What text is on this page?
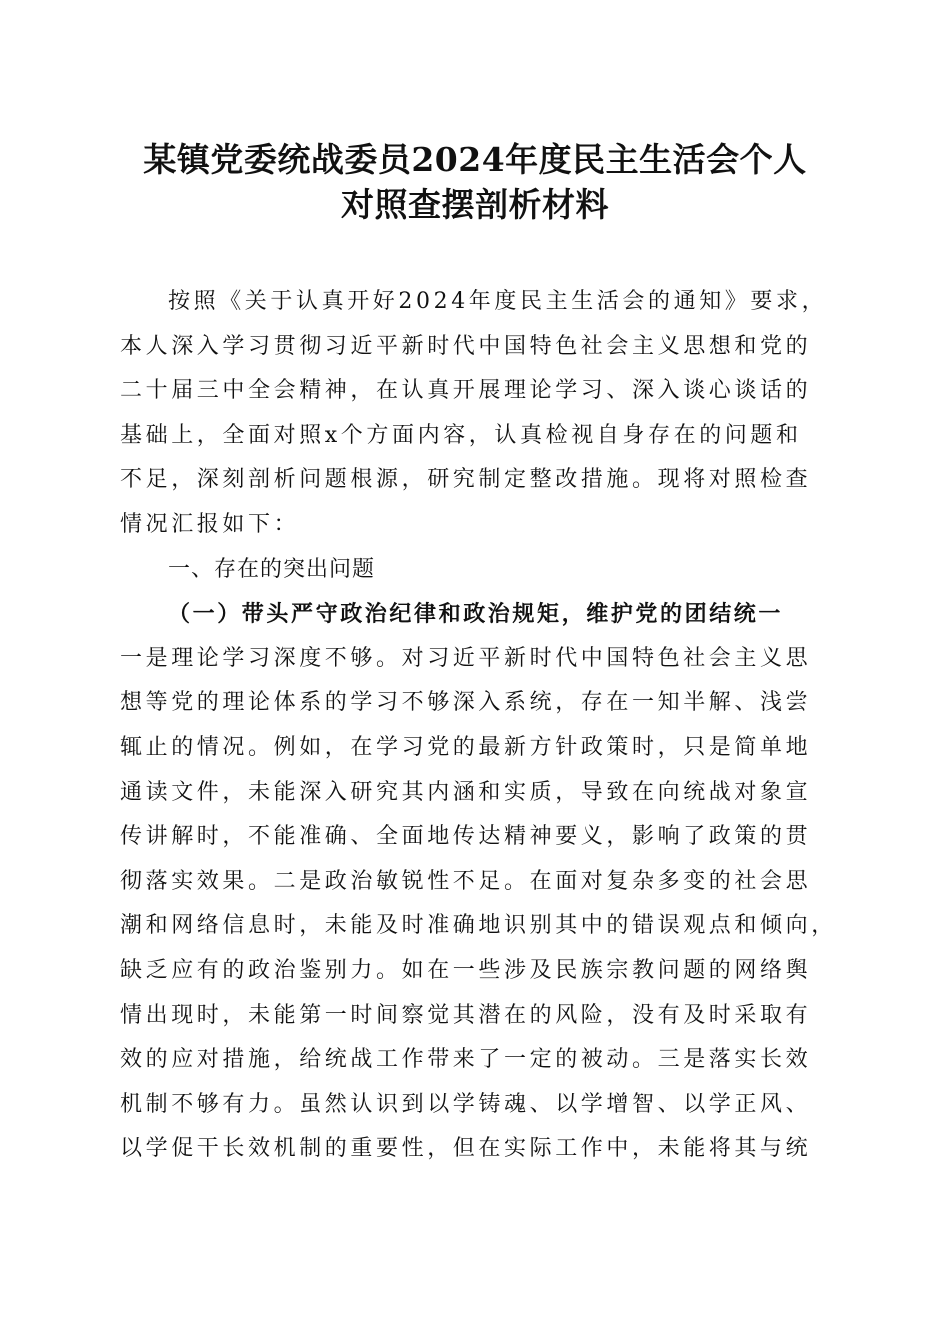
某镇党委统战委员2024年度民主生活会个人
对照查摆剖析材料
按照《关于认真开好2024年度民主生活会的通知》要求，
本人深入学习贯彻习近平新时代中国特色社会主义思想和党的
二十届三中全会精神，在认真开展理论学习、深入谈心谈话的
基础上，全面对照x个方面内容，认真检视自身存在的问题和
不足，深刻剖析问题根源，研究制定整改措施。现将对照检查
情况汇报如下：
一、存在的突出问题
（一）带头严守政治纪律和政治规矩，维护党的团结统一
一是理论学习深度不够。对习近平新时代中国特色社会主义思
想等党的理论体系的学习不够深入系统，存在一知半解、浅尝
辄止的情况。例如，在学习党的最新方针政策时，只是简单地
通读文件，未能深入研究其内涵和实质，导致在向统战对象宣
传讲解时，不能准确、全面地传达精神要义，影响了政策的贯
彻落实效果。二是政治敏锐性不足。在面对复杂多变的社会思
潮和网络信息时，未能及时准确地识别其中的错误观点和倾向，
缺乏应有的政治鉴别力。如在一些涉及民族宗教问题的网络舆
情出现时，未能第一时间察觉其潜在的风险，没有及时采取有
效的应对措施，给统战工作带来了一定的被动。三是落实长效
机制不够有力。虽然认识到以学铸魂、以学增智、以学正风、
以学促干长效机制的重要性，但在实际工作中，未能将其与统
